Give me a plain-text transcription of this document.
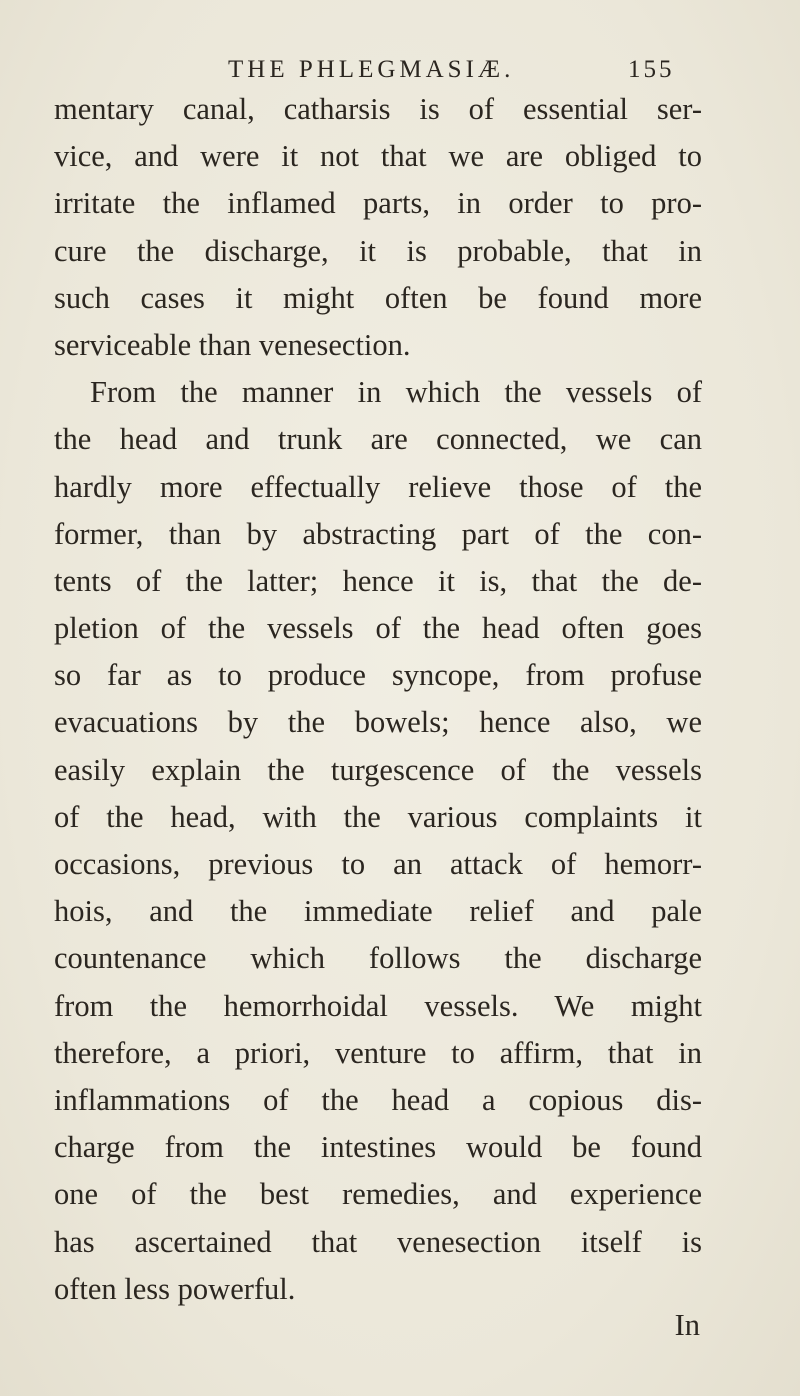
THE PHLEGMASIÆ.	155
mentary canal, catharsis is of essential ser-
vice, and were it not that we are obliged to
irritate the inflamed parts, in order to pro-
cure the discharge, it is probable, that in
such cases it might often be found more
serviceable than venesection.
From the manner in which the vessels of
the head and trunk are connected, we can
hardly more effectually relieve those of the
former, than by abstracting part of the con-
tents of the latter; hence it is, that the de-
pletion of the vessels of the head often goes
so far as to produce syncope, from profuse
evacuations by the bowels; hence also, we
easily explain the turgescence of the vessels
of the head, with the various complaints it
occasions, previous to an attack of hemorr-
hois, and the immediate relief and pale
countenance which follows the discharge
from the hemorrhoidal vessels. We might
therefore, a priori, venture to affirm, that in
inflammations of the head a copious dis-
charge from the intestines would be found
one of the best remedies, and experience
has ascertained that venesection itself is
often less powerful.
In
